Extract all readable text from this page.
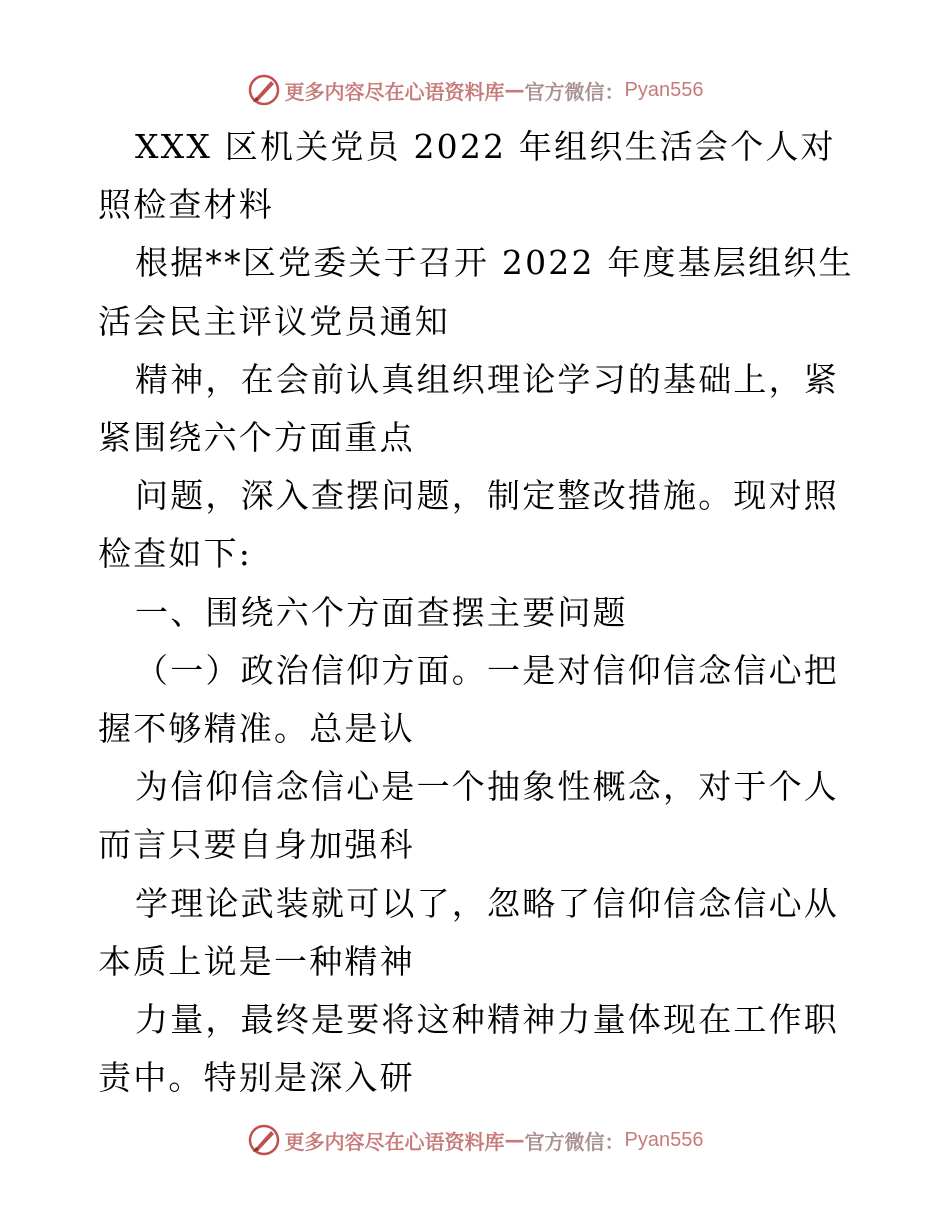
更多内容尽在心语资料库 — 官方微信： Pyan556

XXX 区机关党员 2022 年组织生活会个人对照检查材料

根据**区党委关于召开 2022 年度基层组织生活会民主评议党员通知

精神，在会前认真组织理论学习的基础上，紧紧围绕六个方面重点

问题，深入查摆问题，制定整改措施。现对照检查如下:

一、围绕六个方面查摆主要问题

（一）政治信仰方面。一是对信仰信念信心把握不够精准。总是认

为信仰信念信心是一个抽象性概念，对于个人而言只要自身加强科

学理论武装就可以了，忽略了信仰信念信心从本质上说是一种精神

力量，最终是要将这种精神力量体现在工作职责中。特别是深入研

更多内容尽在心语资料库 — 官方微信： Pyan556
